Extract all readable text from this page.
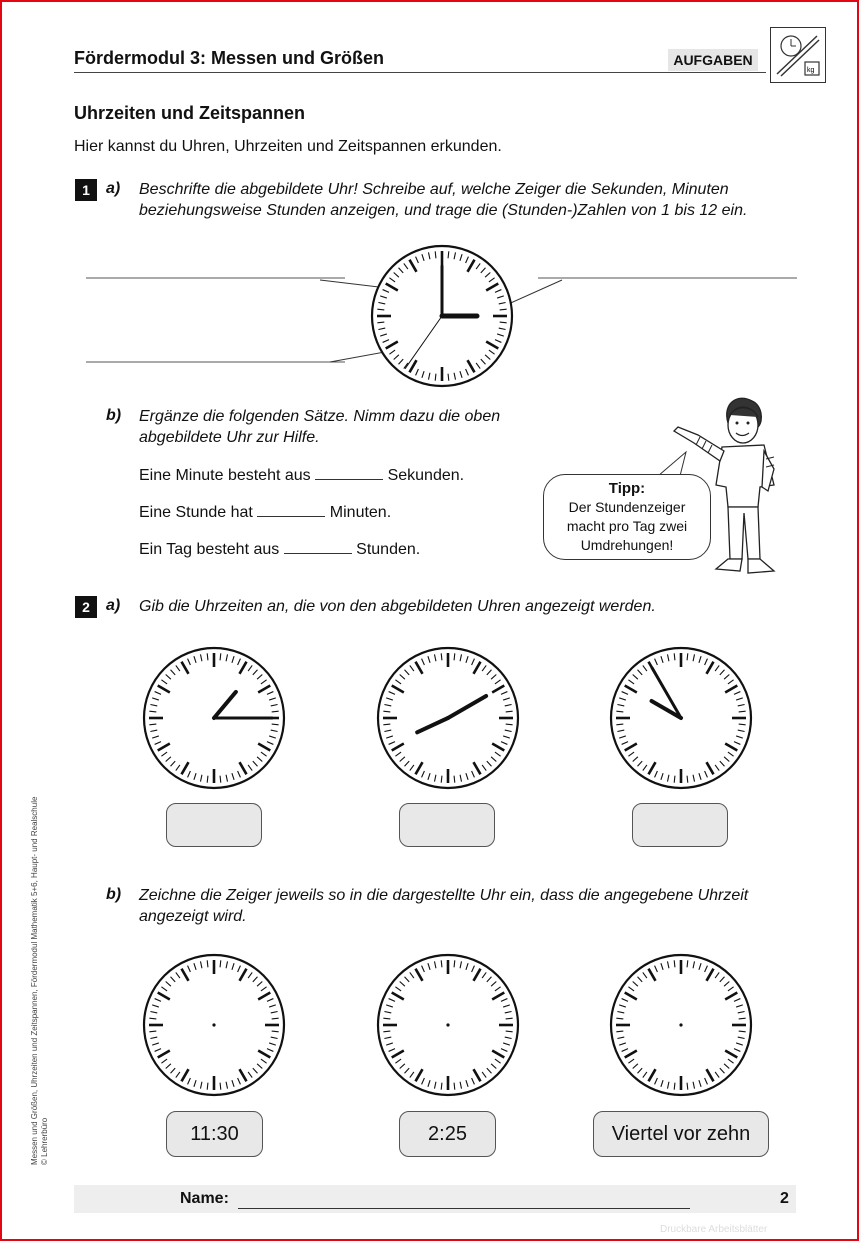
Fördermodul 3: Messen und Größen	AUFGABEN
kg
Uhrzeiten und Zeitspannen
Hier kannst du Uhren, Uhrzeiten und Zeitspannen erkunden.
1	a) Beschrifte die abgebildete Uhr! Schreibe auf, welche Zeiger die Sekunden, Minuten
beziehungsweise Stunden anzeigen, und trage die (Stunden-)Zahlen von 1 bis 12 ein.
b) Ergänze die folgenden Sätze. Nimm dazu die oben
abgebildete Uhr zur Hilfe.
Eine Minute besteht aus	Sekunden.
Eine Stunde hat	Minuten.
Ein Tag besteht aus	Stunden.
Tipp:
Der Stundenzeiger
macht pro Tag zwei
Umdrehungen!
2	a) Gib die Uhrzeiten an, die von den abgebildeten Uhren angezeigt werden.
b) Zeichne die Zeiger jeweils so in die dargestellte Uhr ein, dass die angegebene Uhrzeit
angezeigt wird.
11:30	2:25	Viertel vor zehn
Name:	2
Messen und Größen, Uhrzeiten und Zeitspannen, Fördermodul Mathematik 5+6, Haupt- und Realschule © Lehrerbüro
Druckbare Arbeitsblätter
